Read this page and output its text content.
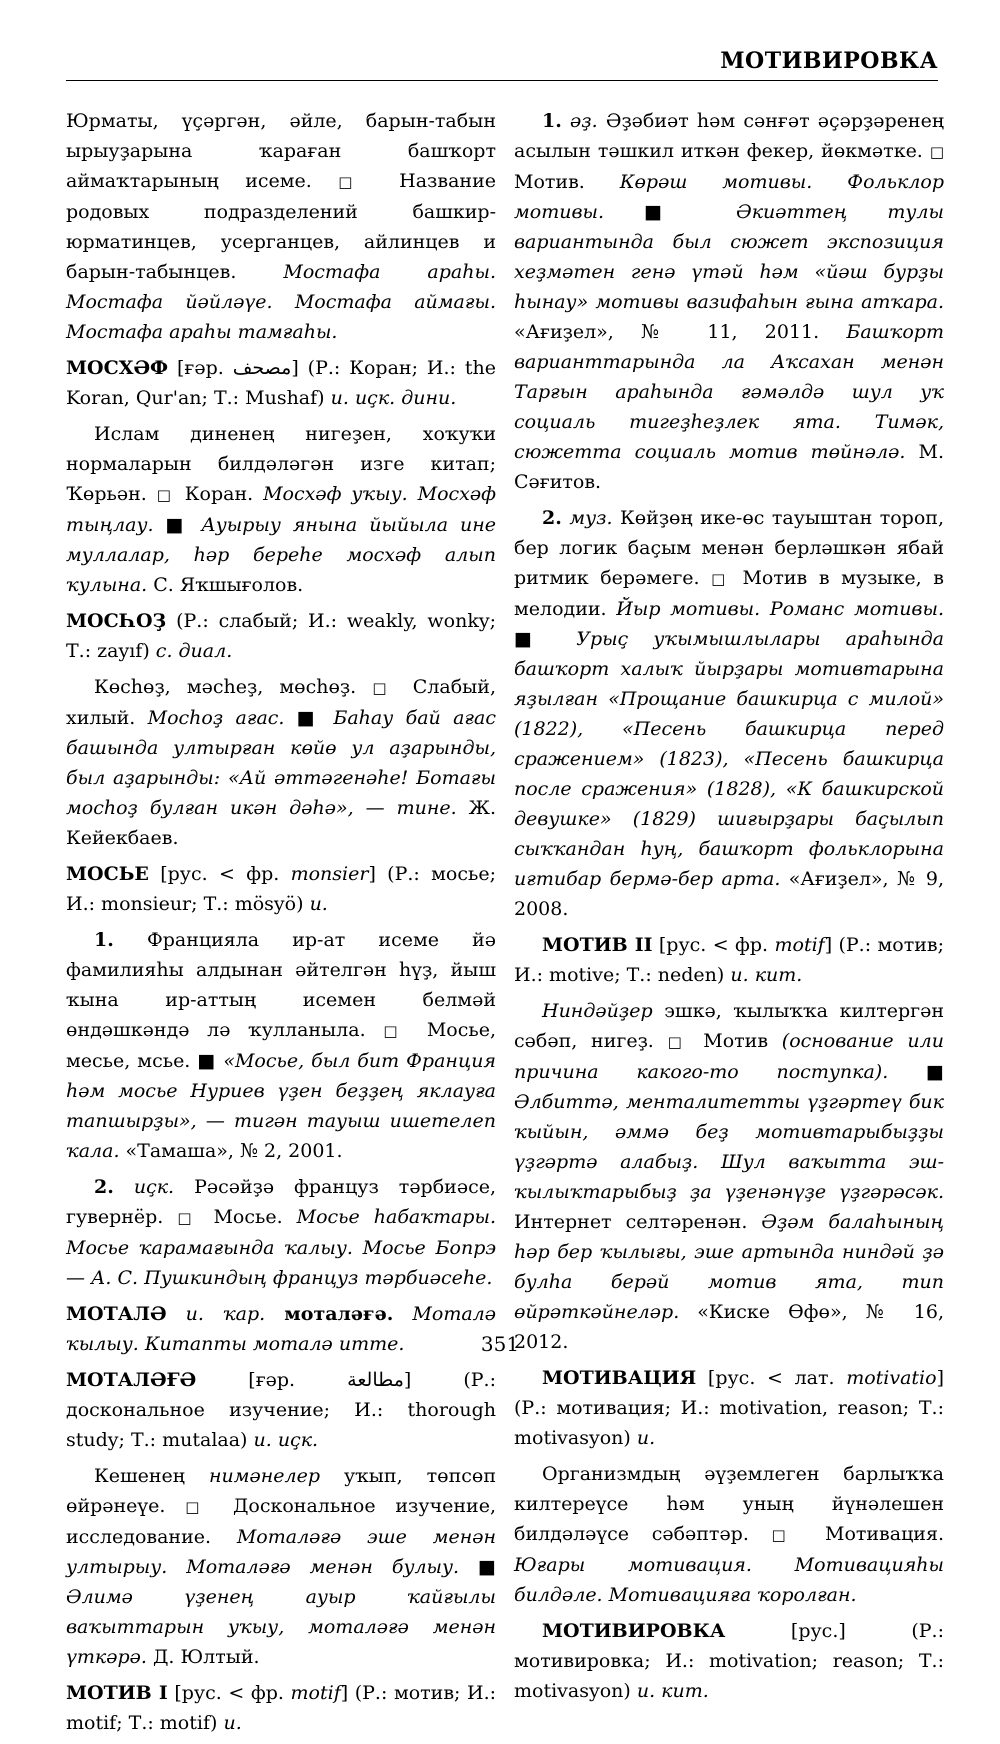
МОТИВИРОВКА

Юрматы, үҫәргән, әйле, барын-табын ырыуҙарына ҡараған башҡорт аймаҡтарының исеме. □ Название родовых подразделений башкир-юрматинцев, усерганцев, айлинцев и барын-табынцев. Мостафа араһы. Мостафа йәйләүе. Мостафа аймағы. Мостафа араһы тамғаһы.

МОСХӘФ [ғәр. مصحف] (Р.: Коран; И.: the Koran, Qur'an; Т.: Mushaf) и. иҫк. дини.

Ислам диненең нигеҙен, хоҡуҡи нормаларын билдәләгән изге китап; Ҡөрьән. □ Коран. Мосхәф уҡыу. Мосхәф тыңлау. ■ Ауырыу янына йыйыла ине муллалар, һәр береһе мосхәф алып ҡулына. С. Яҡшығолов.

МОСҺОҘ (Р.: слабый; И.: weakly, wonky; Т.: zayıf) с. диал.

Көсһөҙ, мәсһеҙ, мөсһөҙ. □ Слабый, хилый. Мосһоҙ ағас. ■ Баһау бай ағас башында ултырған көйө ул аҙарынды, был аҙарынды: «Ай әттәгенәһе! Ботағы мосһоҙ булған икән дәһә», — тине. Ж. Кейекбаев.

МОСЬЕ [рус. < фр. monsier] (Р.: мосье; И.: monsieur; Т.: mösyö) и.

1. Францияла ир-ат исеме йә фамилияһы алдынан әйтелгән һүҙ, йыш ҡына ир-аттың исемен белмәй өндәшкәндә лә ҡулланыла. □ Мосье, месье, мсье. ■ «Мосье, был бит Франция һәм мосье Нуриев үҙен беҙҙең яклауға тапшырҙы», — тигән тауыш ишетелеп ҡала. «Тамаша», № 2, 2001.

2. иҫк. Рәсәйҙә француз тәрбиәсе, гувернёр. □ Мосье. Мосье һабаҡтары. Мосье ҡарамағында ҡалыу. Мосье Бопрэ — А. С. Пушкиндың француз тәрбиәсеһе.

МОТАЛӘ и. ҡар. моталәғә. Моталә ҡылыу. Китапты моталә итте.

МОТАЛӘҒӘ [ғәр. مطالعة] (Р.: доскональное изучение; И.: thorough study; Т.: mutalaa) и. иҫк.

Кешенең нимәнелер уҡып, төпсөп өйрәнеүе. □ Доскональное изучение, исследование. Моталәғә эше менән ултырыу. Моталәғә менән булыу. ■ Әлимә үҙенең ауыр ҡайғылы ваҡыттарын уҡыу, моталәғә менән үткәрә. Д. Юлтый.

МОТИВ I [рус. < фр. motif] (Р.: мотив; И.: motif; Т.: motif) и.

1. әҙ. Әҙәбиәт һәм сәнғәт әҫәрҙәренең асылын тәшкил иткән фекер, йөкмәтке. □ Мотив. Көрәш мотивы. Фольклор мотивы. ■ Әкиәттең тулы вариантында был сюжет экспозиция хеҙмәтен генә үтәй һәм «йәш бурҙы һынау» мотивы вазифаһын ғына атҡара. «Ағиҙел», № 11, 2011. Башҡорт варианттарында ла Аҡсахан менән Тарғын араһында ғәмәлдә шул уҡ социаль тигеҙһеҙлек ята. Тимәк, сюжетта социаль мотив төйнәлә. М. Сәғитов.

2. муз. Көйҙөң ике-өс тауыштан тороп, бер логик баҫым менән берләшкән ябай ритмик берәмеге. □ Мотив в музыке, в мелодии. Йыр мотивы. Романс мотивы. ■ Урыҫ уҡымышлылары араһында башҡорт халыҡ йырҙары мотивтарына яҙылған «Прощание башкирца с милой» (1822), «Песень башкирца перед сражением» (1823), «Песень башкирца после сражения» (1828), «К башкирской девушке» (1829) шиғырҙары баҫылып сыҡҡандан һуң, башҡорт фольклорына иғтибар бермә-бер арта. «Ағиҙел», № 9, 2008.

МОТИВ II [рус. < фр. motif] (Р.: мотив; И.: motive; Т.: neden) и. кит.

Ниндәйҙер эшкә, ҡылыҡҡа килтергән сәбәп, нигеҙ. □ Мотив (основание или причина какого-то поступка). ■ Әлбиттә, менталитетты үҙгәртеү бик ҡыйын, әммә беҙ мотивтарыбыҙҙы үҙгәртә алабыҙ. Шул ваҡытта эш-ҡылыҡтарыбыҙ ҙа үҙенәнүҙе үҙгәрәсәк. Интернет селтәренән. Әҙәм балаһының һәр бер ҡылығы, эше артында ниндәй ҙә булһа берәй мотив ята, тип өйрәткәйнеләр. «Киске Өфө», № 16, 2012.

МОТИВАЦИЯ [рус. < лат. motivatio] (Р.: мотивация; И.: motivation, reason; Т.: motivasyon) и.

Организмдың әүҙемлеген барлыҡҡа килтереүсе һәм уның йүнәлешен билдәләүсе сәбәптәр. □ Мотивация. Юғары мотивация. Мотивацияһы билдәле. Мотивацияға ҡоролған.

МОТИВИРОВКА [рус.] (Р.: мотивировка; И.: motivation; reason; Т.: motivasyon) и. кит.

351
